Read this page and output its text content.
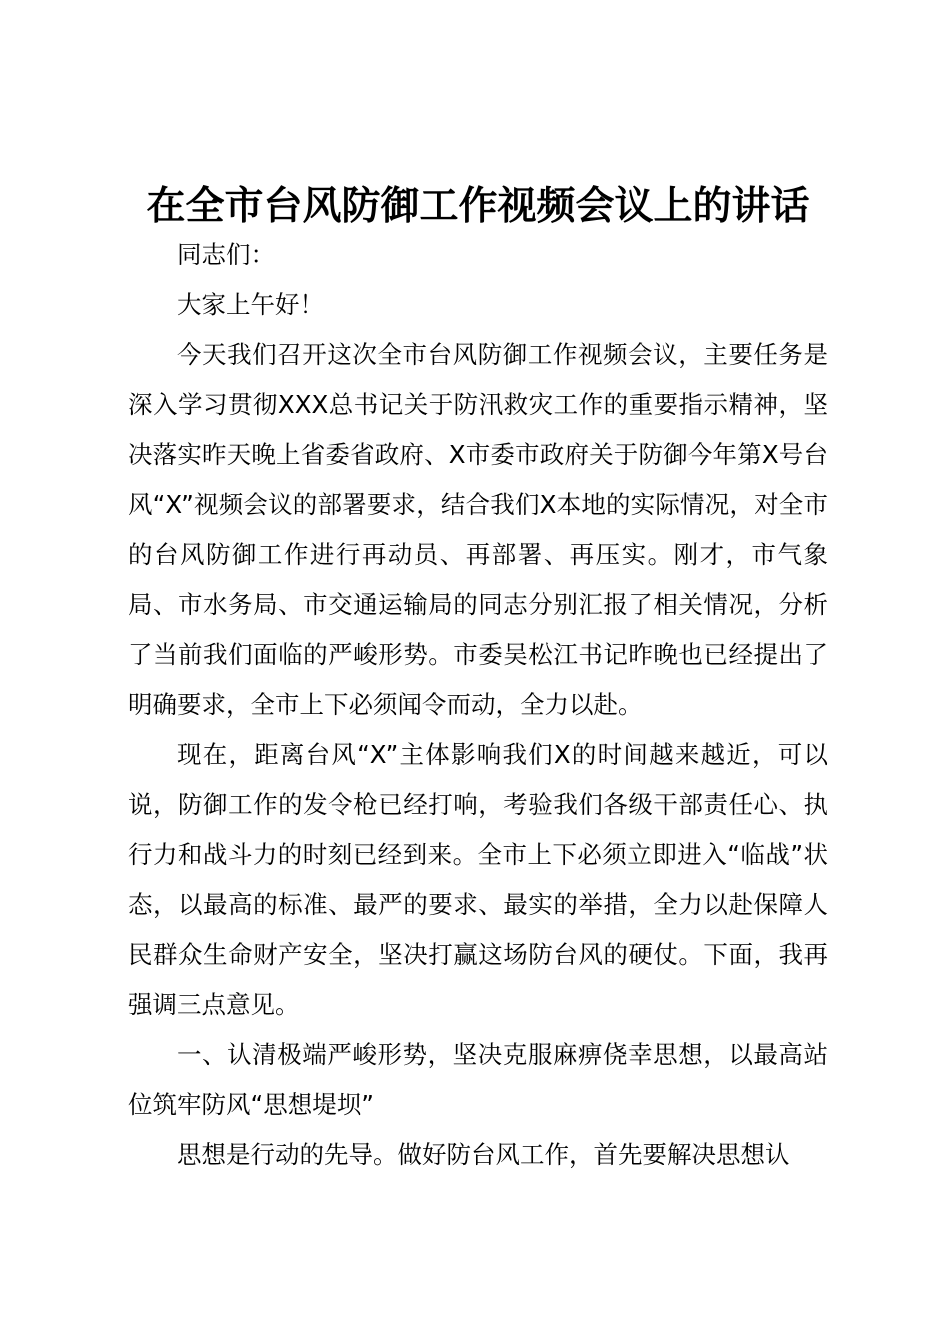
在全市台风防御工作视频会议上的讲话

同志们：

大家上午好！

今天我们召开这次全市台风防御工作视频会议，主要任务是深入学习贯彻XXX总书记关于防汛救灾工作的重要指示精神，坚决落实昨天晚上省委省政府、X市委市政府关于防御今年第X号台风“X”视频会议的部署要求，结合我们X本地的实际情况，对全市的台风防御工作进行再动员、再部署、再压实。刚才，市气象局、市水务局、市交通运输局的同志分别汇报了相关情况，分析了当前我们面临的严峻形势。市委吴松江书记昨晚也已经提出了明确要求，全市上下必须闻令而动，全力以赴。

现在，距离台风“X”主体影响我们X的时间越来越近，可以说，防御工作的发令枪已经打响，考验我们各级干部责任心、执行力和战斗力的时刻已经到来。全市上下必须立即进入“临战”状态，以最高的标准、最严的要求、最实的举措，全力以赴保障人民群众生命财产安全，坚决打赢这场防台风的硬仗。下面，我再强调三点意见。

一、认清极端严峻形势，坚决克服麻痹侥幸思想，以最高站位筑牢防风“思想堤坝”

思想是行动的先导。做好防台风工作，首先要解决思想认
